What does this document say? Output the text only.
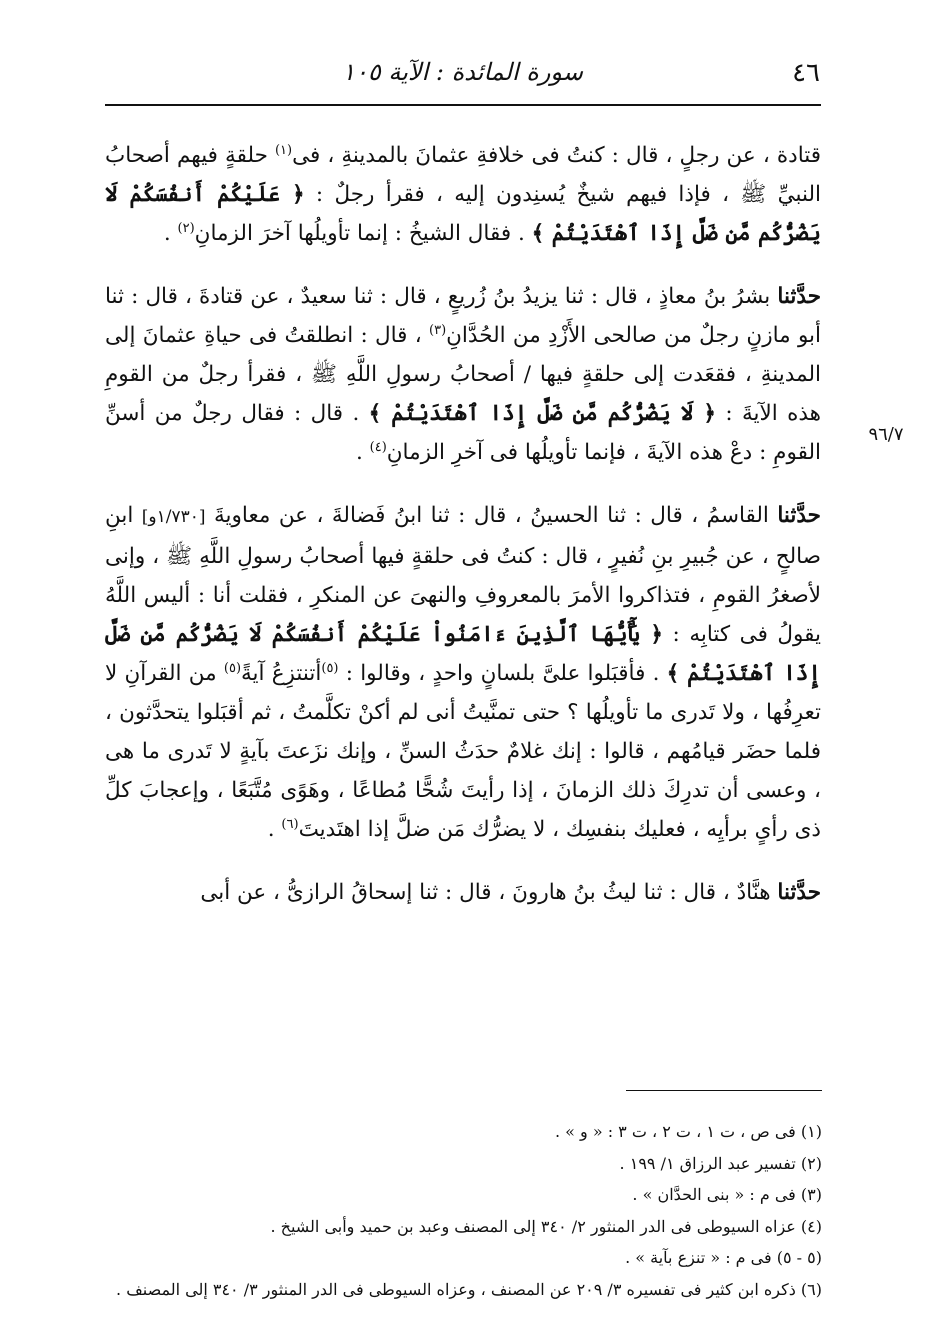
٤٦
سورة المائدة : الآية ١٠٥
٩٦/٧

قتادة ، عن رجلٍ ، قال : كنتُ فى خلافةِ عثمانَ بالمدينةِ ، فى$^{(١)}$ حلقةٍ فيهم أصحابُ النبيِّ ﷺ ، فإذا فيهم شيخٌ يُسنِدون إليه ، فقرأ رجلٌ : ﴿ عَلَيْكُمْ أَنفُسَكُمْ لَا يَضُرُّكُم مَّن ضَلَّ إِذَا ٱهْتَدَيْتُمْ ﴾ . فقال الشيخُ : إنما تأويلُها آخرَ الزمانِ$^{(٢)}$ .

حدَّثنا بشرُ بنُ معاذٍ ، قال : ثنا يزيدُ بنُ زُريعٍ ، قال : ثنا سعيدٌ ، عن قتادةَ ، قال : ثنا أبو مازنٍ رجلٌ من صالحى الأَزْدِ من الحُدَّانِ$^{(٣)}$ ، قال : انطلقتُ فى حياةِ عثمانَ إلى المدينةِ ، فقعَدت إلى حلقةٍ فيها / أصحابُ رسولِ اللَّهِ ﷺ ، فقرأ رجلٌ من القومِ هذه الآيةَ : ﴿ لَا يَضُرُّكُم مَّن ضَلَّ إِذَا ٱهْتَدَيْتُمْ ﴾ . قال : فقال رجلٌ من أسنِّ القومِ : دعْ هذه الآيةَ ، فإنما تأويلُها فى آخرِ الزمانِ$^{(٤)}$ .

حدَّثنا القاسمُ ، قال : ثنا الحسينُ ، قال : ثنا ابنُ فَضالةَ ، عن معاويةَ [١/٧٣٠و] ابنِ صالحٍ ، عن جُبيرِ بنِ نُفيرٍ ، قال : كنتُ فى حلقةٍ فيها أصحابُ رسولِ اللَّهِ ﷺ ، وإنى لأصغرُ القومِ ، فتذاكروا الأمرَ بالمعروفِ والنهىَ عن المنكرِ ، فقلت أنا : أليس اللَّهُ يقولُ فى كتابِه : ﴿ يَٰٓأَيُّهَا ٱلَّذِينَ ءَامَنُواْ عَلَيْكُمْ أَنفُسَكُمْ لَا يَضُرُّكُم مَّن ضَلَّ إِذَا ٱهْتَدَيْتُمْ ﴾ . فأقبَلوا علىَّ بلسانٍ واحدٍ ، وقالوا : $^{(٥)}$أتنتزِعُ آيةً$^{(٥)}$ من القرآنِ لا تعرِفُها ، ولا تَدرى ما تأويلُها ؟ حتى تمنَّيتُ أنى لم أكنْ تكلَّمتُ ، ثم أقبَلوا يتحدَّثون ، فلما حضَر قيامُهم ، قالوا : إنك غلامٌ حدَثُ السنِّ ، وإنك نزَعتَ بآيةٍ لا تَدرى ما هى ، وعسى أن تدرِكَ ذلك الزمانَ ، إذا رأيتَ شُحًّا مُطاعًا ، وهَوًى مُتَّبَعًا ، وإعجابَ كلِّ ذى رأىٍ برأيِه ، فعليك بنفسِك ، لا يضرُّك مَن ضلَّ إذا اهتَديتَ$^{(٦)}$ .

حدَّثنا هنَّادٌ ، قال : ثنا ليثُ بنُ هارونَ ، قال : ثنا إسحاقُ الرازىُّ ، عن أبى

(١) فى ص ، ت ١ ، ت ٢ ، ت ٣ : « و » .

(٢) تفسير عبد الرزاق ١/ ١٩٩ .

(٣) فى م : « بنى الحدَّان » .

(٤) عزاه السيوطى فى الدر المنثور ٢/ ٣٤٠ إلى المصنف وعبد بن حميد وأبى الشيخ .

(٥ - ٥) فى م : « تنزع بآية » .

(٦) ذكره ابن كثير فى تفسيره ٣/ ٢٠٩ عن المصنف ، وعزاه السيوطى فى الدر المنثور ٣/ ٣٤٠ إلى المصنف .
